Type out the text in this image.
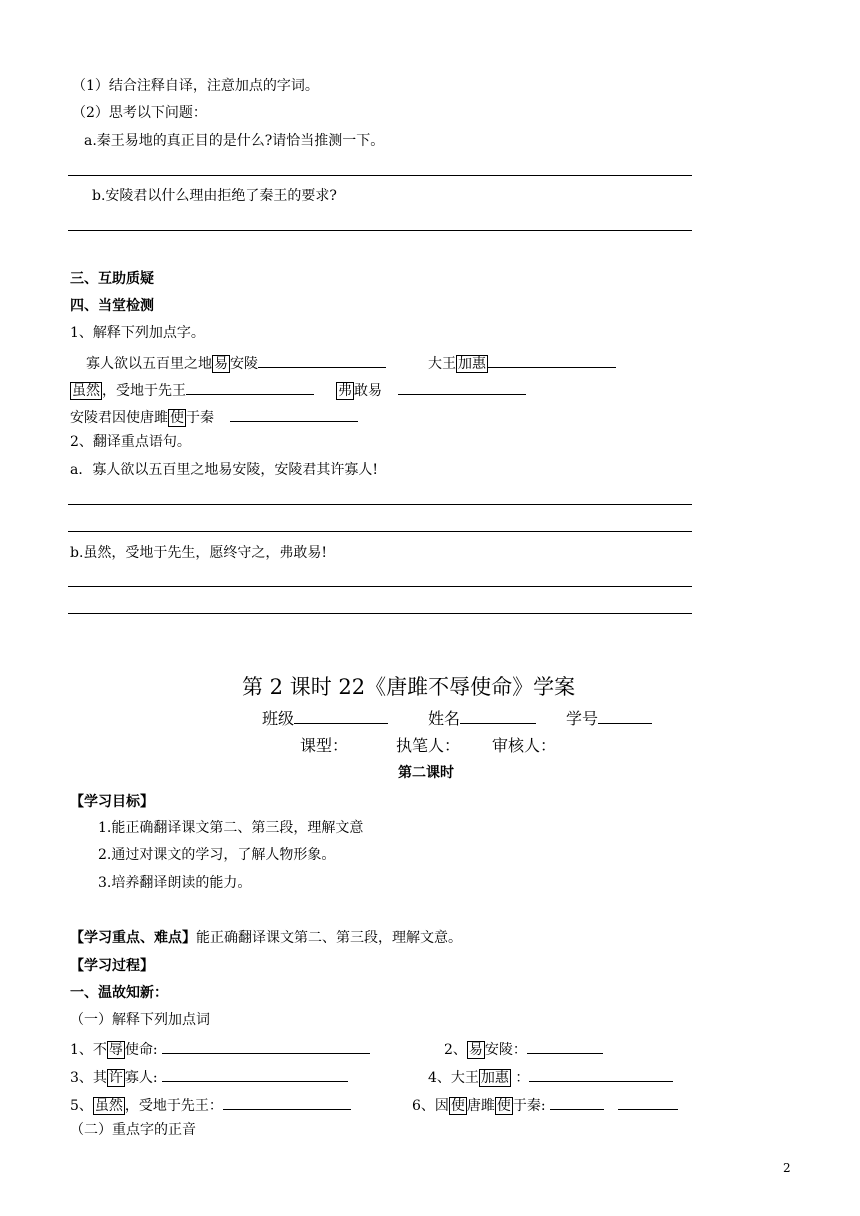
（1）结合注释自译，注意加点的字词。
（2）思考以下问题：
a.秦王易地的真正目的是什么?请恰当推测一下。
b.安陵君以什么理由拒绝了秦王的要求?
三、互助质疑
四、当堂检测
1、解释下列加点字。
寡人欲以五百里之地 易 安陵	大王 加惠
虽然 ，受地于先王	弗 敢易
安陵君因使唐雎 使 于秦
2、翻译重点语句。
a．寡人欲以五百里之地易安陵，安陵君其许寡人!
b.虽然，受地于先生，愿终守之，弗敢易!
第 2 课时 22《唐雎不辱使命》学案
班级	姓名	学号
课型：	执笔人： 审核人：
第二课时
【学习目标】
1.能正确翻译课文第二、第三段，理解文意
2.通过对课文的学习，了解人物形象。
3.培养翻译朗读的能力。
【学习重点、难点】能正确翻译课文第二、第三段，理解文意。
【学习过程】
一、温故知新：
（一）解释下列加点词
1、不 辱 使命:	2、 易 安陵：
3、其 许 寡人:	4、大王 加惠 ：
5、 虽然 ，受地于先王：	6、因 使 唐雎 使 于秦:
（二）重点字的正音
2
